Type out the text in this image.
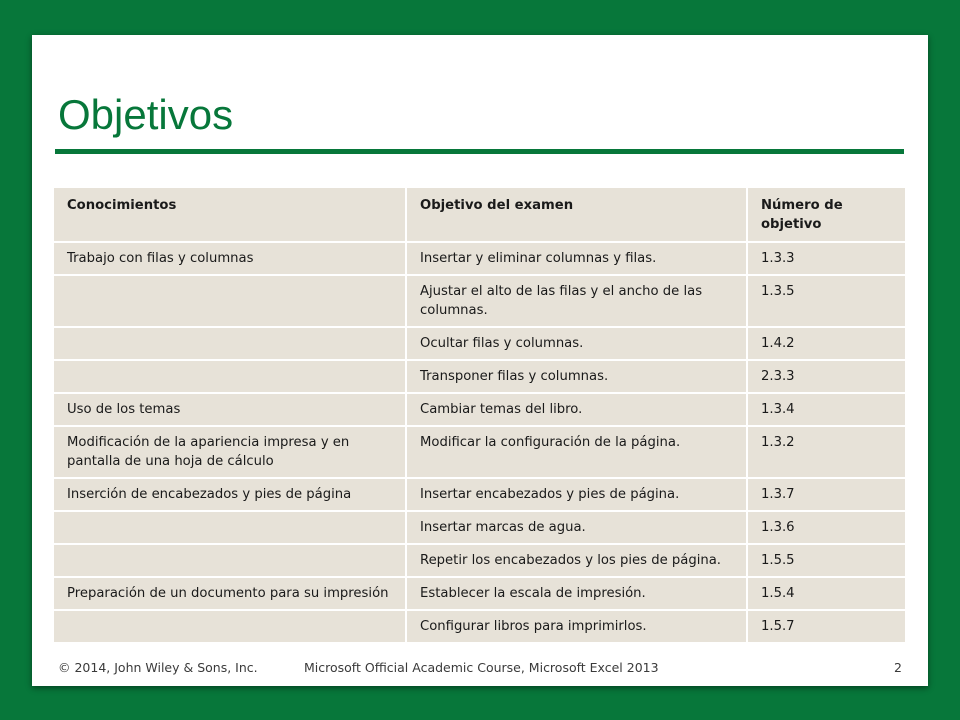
Objetivos
Conocimientos	Objetivo del examen	Número de objetivo
Trabajo con filas y columnas	Insertar y eliminar columnas y filas.	1.3.3
	Ajustar el alto de las filas y el ancho de las columnas.	1.3.5
	Ocultar filas y columnas.	1.4.2
	Transponer filas y columnas.	2.3.3
Uso de los temas	Cambiar temas del libro.	1.3.4
Modificación de la apariencia impresa y en pantalla de una hoja de cálculo	Modificar la configuración de la página.	1.3.2
Inserción de encabezados y pies de página	Insertar encabezados y pies de página.	1.3.7
	Insertar marcas de agua.	1.3.6
	Repetir los encabezados y los pies de página.	1.5.5
Preparación de un documento para su impresión	Establecer la escala de impresión.	1.5.4
	Configurar libros para imprimirlos.	1.5.7
© 2014, John Wiley & Sons, Inc.	Microsoft Official Academic Course, Microsoft Excel 2013	2
